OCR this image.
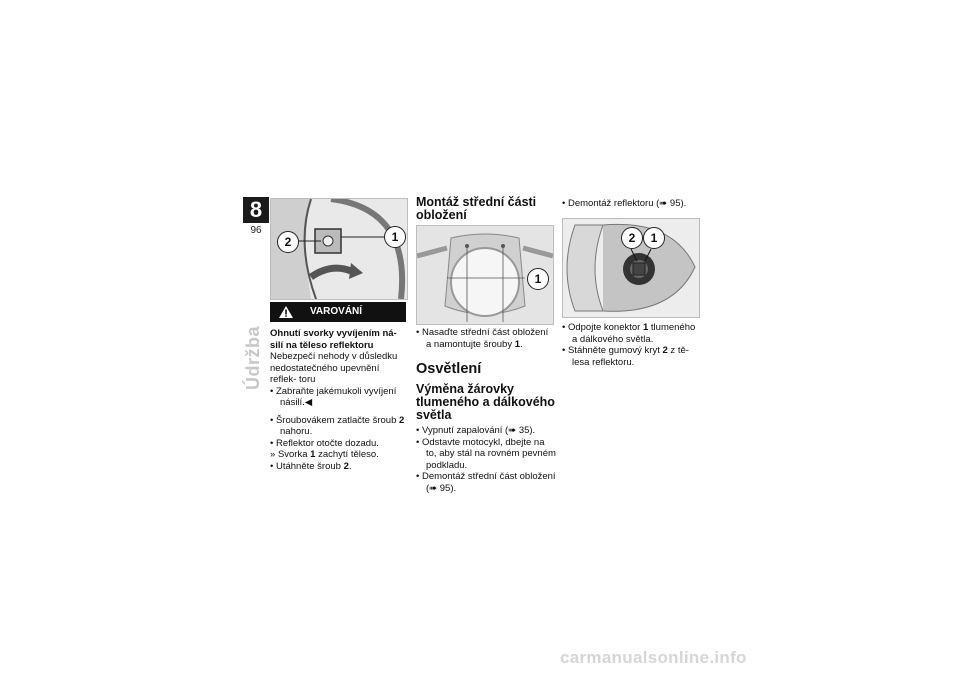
8
96
Údržba
2	1
VAROVÁNÍ

Ohnutí svorky vyvíjením ná- silí na těleso reflektoru

Nebezpečí nehody v důsledku nedostatečného upevnění reflek- toru

• Zabraňte jakémukoli vyvíjení násilí.◀

• Šroubovákem zatlačte šroub 2 nahoru.

• Reflektor otočte dozadu.

» Svorka 1 zachytí těleso.

• Utáhněte šroub 2.

Montáž střední části obložení

1

• Nasaďte střední část obložení a namontujte šrouby 1.

Osvětlení

Výměna žárovky tlumeného a dálkového světla

• Vypnutí zapalování (➠ 35).

• Odstavte motocykl, dbejte na to, aby stál na rovném pevném podkladu.

• Demontáž střední část obložení (➠ 95).

• Demontáž reflektoru (➠ 95).

2	1

• Odpojte konektor 1 tlumeného a dálkového světla.

• Stáhněte gumový kryt 2 z tě- lesa reflektoru.

carmanualsonline.info
